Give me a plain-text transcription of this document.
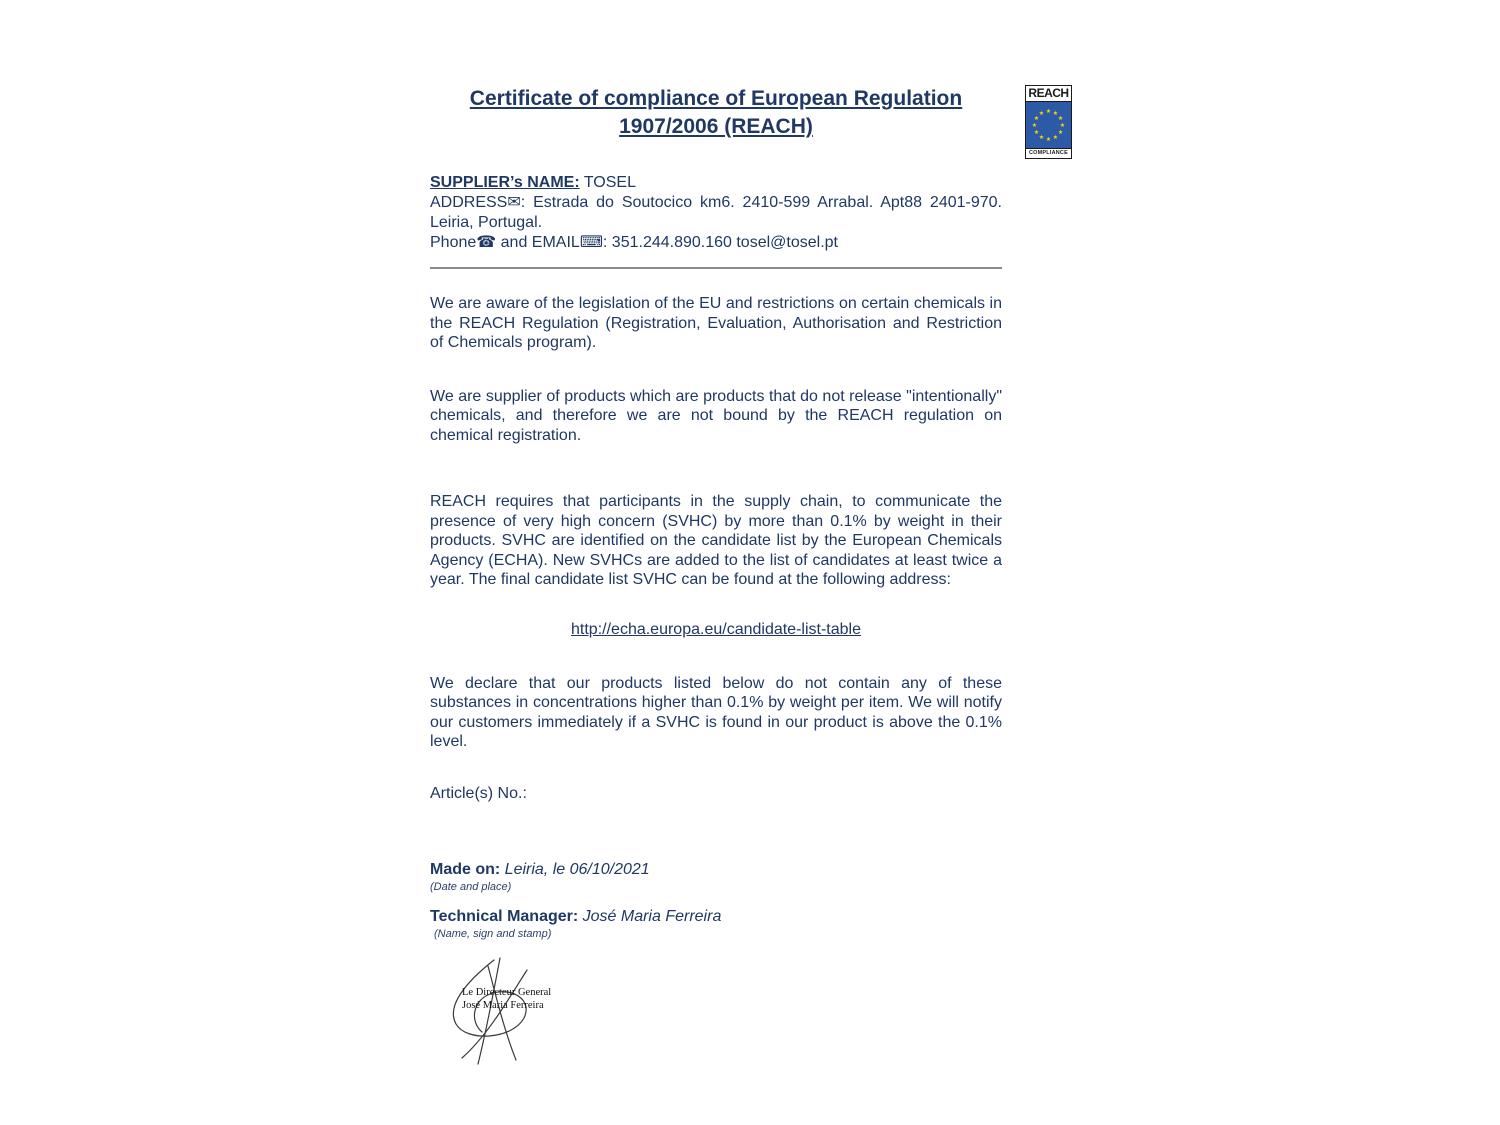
REACH
★ ★
★
★
★
★
★
★
★
★
★
★
COMPLIANCE
Certificate of compliance of European Regulation
1907/2006 (REACH)

SUPPLIER’s NAME: TOSEL

ADDRESS✉: Estrada do Soutocico km6. 2410-599 Arrabal. Apt88 2401-970. Leiria, Portugal.

Phone☎ and EMAIL⌨: 351.244.890.160 tosel@tosel.pt

We are aware of the legislation of the EU and restrictions on certain chemicals in the REACH Regulation (Registration, Evaluation, Authorisation and Restriction of Chemicals program).

We are supplier of products which are products that do not release "intentionally" chemicals, and therefore we are not bound by the REACH regulation on chemical registration.

REACH requires that participants in the supply chain, to communicate the presence of very high concern (SVHC) by more than 0.1% by weight in their products. SVHC are identified on the candidate list by the European Chemicals Agency (ECHA). New SVHCs are added to the list of candidates at least twice a year. The final candidate list SVHC can be found at the following address:

http://echa.europa.eu/candidate-list-table

We declare that our products listed below do not contain any of these substances in concentrations higher than 0.1% by weight per item. We will notify our customers immediately if a SVHC is found in our product is above the 0.1% level.

Article(s) No.:

Made on: Leiria, le 06/10/2021
(Date and place)
Technical Manager: José Maria Ferreira
(Name, sign and stamp)
Le Directeur General
José Maria Ferreira
